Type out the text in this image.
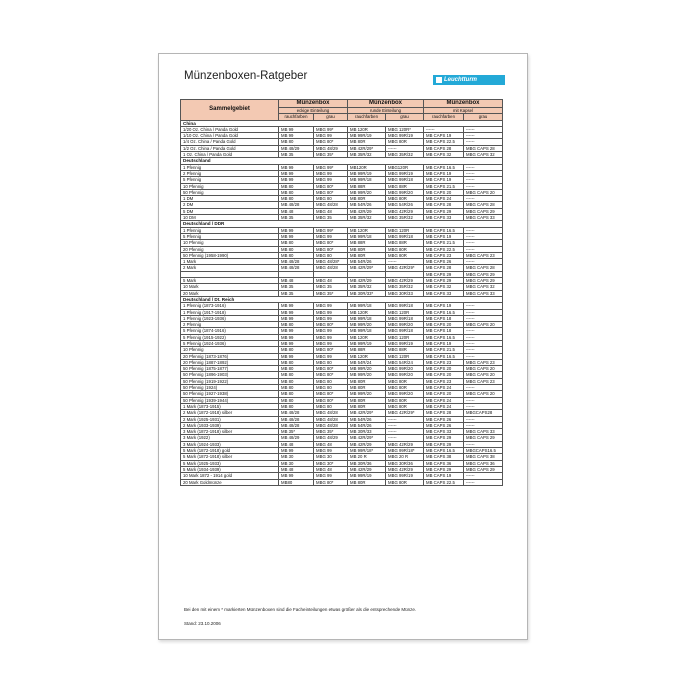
Münzenboxen-Ratgeber	Leuchtturm
Sammelgebiet	Münzenbox		Münzenbox		Münzenbox	
	eckige Einteilung		runde Einteilung		mit Kapsel	
	rauchfarben	grau	rauchfarben	grau	rauchfarben	grau
China						
1/20 Oz. China / Panda Gold	MB 99	MBG 99*	MB 120R	MBG 120R*	------	------
1/10 Oz. China / Panda Gold	MB 99	MBG 99	MB 99R/19	MBG 99R/19	MB CAPS 19	------
1/4 Oz. China / Panda Gold	MB 80	MBG 80*	MB 80R	MBG 80R	MB CAPS 22.5	------
1/2 Oz. China / Panda Gold	MB 48/29	MBG 48/29	MB 42R/29*	------	MB CAPS 28	MBG CAPS 28
1 Oz. China / Panda Gold	MB 35	MBG 35*	MB 35R/32	MBG 35R/32	MB CAPS 32	MBG CAPS 32
Deutschland						
1 Pfennig	MB 99	MBG 99*	MB120R	MBG120R	MB CAPS 16.5	------
2 Pfennig	MB 99	MBG 99	MB 99R/19	MBG 99R/19	MB CAPS 19	------
5 Pfennig	MB 99	MBG 99	MB 99R/18	MBG 99R/18	MB CAPS 19	------
10 Pfennig	MB 80	MBG 80*	MB 88R	MBG 88R	MB CAPS 21.5	------
50 Pfennig	MB 80	MBG 80*	MB 99R/20	MBG 99R/20	MB CAPS 20	MBG CAPS 20
1 DM	MB 80	MBG 80	MB 80R	MBG 80R	MB CAPS 24	------
2 DM	MB 48/28	MBG 48/28	MB 54R/26	MBG 54R/26	MB CAPS 28	MBG CAPS 28
5 DM	MB 48	MBG 48	MB 42R/29	MBG 42R/29	MB CAPS 29	MBG CAPS 29
10 DM	MB 35	MBG 35	MB 35R/32	MBG 35R/32	MB CAPS 33	MBG CAPS 33
Deutschland / DDR						
1 Pfennig	MB 99	MBG 99*	MB 120R	MBG 120R	MB CAPS 16.5	------
5 Pfennig	MB 99	MBG 99	MB 99R/18	MBG 99R/18	MB CAPS 19	------
10 Pfennig	MB 80	MBG 80*	MB 88R	MBG 88R	MB CAPS 21.5	------
20 Pfennig	MB 80	MBG 80*	MB 80R	MBG 80R	MB CAPS 22.5	------
50 Pfennig (1958-1990)	MB 80	MBG 80	MB 80R	MBG 80R	MB CAPS 23	MBG CAPS 23
1 Mark	MB 48/28	MBG 48/28*	MB 54R/26	------	MB CAPS 26	------
2 Mark	MB 48/28	MBG 48/28	MB 42R/29*	MBG 42R/29*	MB CAPS 28	MBG CAPS 28
					MB CAPS 29	MBG CAPS 29
5 Mark	MB 48	MBG 48	MB 42R/29	MBG 42R/29	MB CAPS 29	MBG CAPS 29
10 Mark	MB 35	MBG 35	MB 35R/32	MBG 35R/32	MB CAPS 32	MBG CAPS 32
20 Mark	MB 35	MBG 35*	MB 30R/33*	MBG 30R/33	MB CAPS 33	MBG CAPS 33
Deutschland / Dt. Reich						
1 Pfennig (1873-1916)	MB 99	MBG 99	MB 99R/18	MBG 99R/18	MB CAPS 19	------
1 Pfennig (1917-1918)	MB 99	MBG 99	MB 120R	MBG 120R	MB CAPS 16.5	------
1 Pfennig (1923-1936)	MB 99	MBG 99	MB 99R/18	MBG 99R/18	MB CAPS 18	------
2 Pfennig	MB 80	MBG 80*	MB 99R/20	MBG 99R/20	MB CAPS 20	MBG CAPS 20
5 Pfennig (1874-1916)	MB 99	MBG 99	MB 99R/18	MBG 99R/18	MB CAPS 18	------
5 Pfennig (1915-1922)	MB 99	MBG 99	MB 120R	MBG 120R	MB CAPS 16.5	------
5 Pfennig (1924-1936)	MB 99	MBG 99	MB 99R/19	MBG 99R/19	MB CAPS 19	------
10 Pfennig	MB 80	MBG 80*	MB 88R	MBG 88R	MB CAPS 21.5	------
20 Pfennig (1873-1876)	MB 99	MBG 99	MB 120R	MBG 120R	MB CAPS 16.5	------
20 Pfennig (1887-1892)	MB 80	MBG 80	MB 54R/24	MBG 54R/24	MB CAPS 23	MBG CAPS 23
50 Pfennig (1875-1877)	MB 80	MBG 80*	MB 99R/20	MBG 99R/20	MB CAPS 20	MBG CAPS 20
50 Pfennig (1896-1903)	MB 80	MBG 80*	MB 99R/20	MBG 99R/20	MB CAPS 20	MBG CAPS 20
50 Pfennig (1919-1922)	MB 80	MBG 80	MB 80R	MBG 80R	MB CAPS 23	MBG CAPS 23
50 Pfennig (1924)	MB 80	MBG 80	MB 80R	MBG 80R	MB CAPS 24	------
50 Pfennig (1927-1938)	MB 80	MBG 80*	MB 99R/20	MBG 99R/20	MB CAPS 20	MBG CAPS 20
50 Pfennig (1939-1944)	MB 80	MBG 80*	MB 80R	MBG 80R	MB CAPS 24	------
1 Mark (1873-1915)	MB 80	MBG 80	MB 80R	MBG 80R	MB CAPS 24	------
2 Mark (1872-1918) silber	MB 48/28	MBG 48/28	MB 42R/29*	MBG 42R/29*	MB CAPS 28	MBGCAPS28
2 Mark (1925-1931)	MB 48/28	MBG 48/28	MB 54R/26	------	MB CAPS 26	------
2 Mark (1933-1939)	MB 48/28	MBG 48/28	MB 54R/26	------	MB CAPS 26	------
3 Mark (1872-1918) silber	MB 35*	MBG 35*	MB 30R/33	------	MB CAPS 33	MBG CAPS 33
3 Mark (1922)	MB 48/29	MBG 48/29	MB 42R/29*	------	MB CAPS 29	MBG CAPS 29
3 Mark (1924-1933)	MB 48	MBG 48	MB 42R/29	MBG 42R/29	MB CAPS 29	------
5 Mark (1872-1918) gold	MB 99	MBG 99	MB 99R/18*	MBG 99R/18*	MB CAPS 16.5	MBGCAPS16.5
5 Mark (1872-1918) silber	MB 30	MBG 30	MB 20 R	MBG 20 R	MB CAPS 38	MBG CAPS 38
5 Mark (1925-1933)	MB 30	MBG 30*	MB 30R/36	MBG 30R/36	MB CAPS 36	MBG CAPS 36
5 Mark (1934-1939)	MB 48	MBG 48	MB 42R/29	MBG 42R/29	MB CAPS 29	MBG CAPS 29
10 Mark 1872 - 1914 gold	MB 99	MBG 99	MB 99R/19	MBG 99R/19	MB CAPS 19	------
20 Mark Goldmünze	MB80	MBG 80*	MB 80R	MBG 80R	MB CAPS 22.5	------
Bei den mit einem * markierten Münzenboxen sind die Facheinteilungen etwas größer als die entsprechende Münze.
Stand: 23.10.2006
